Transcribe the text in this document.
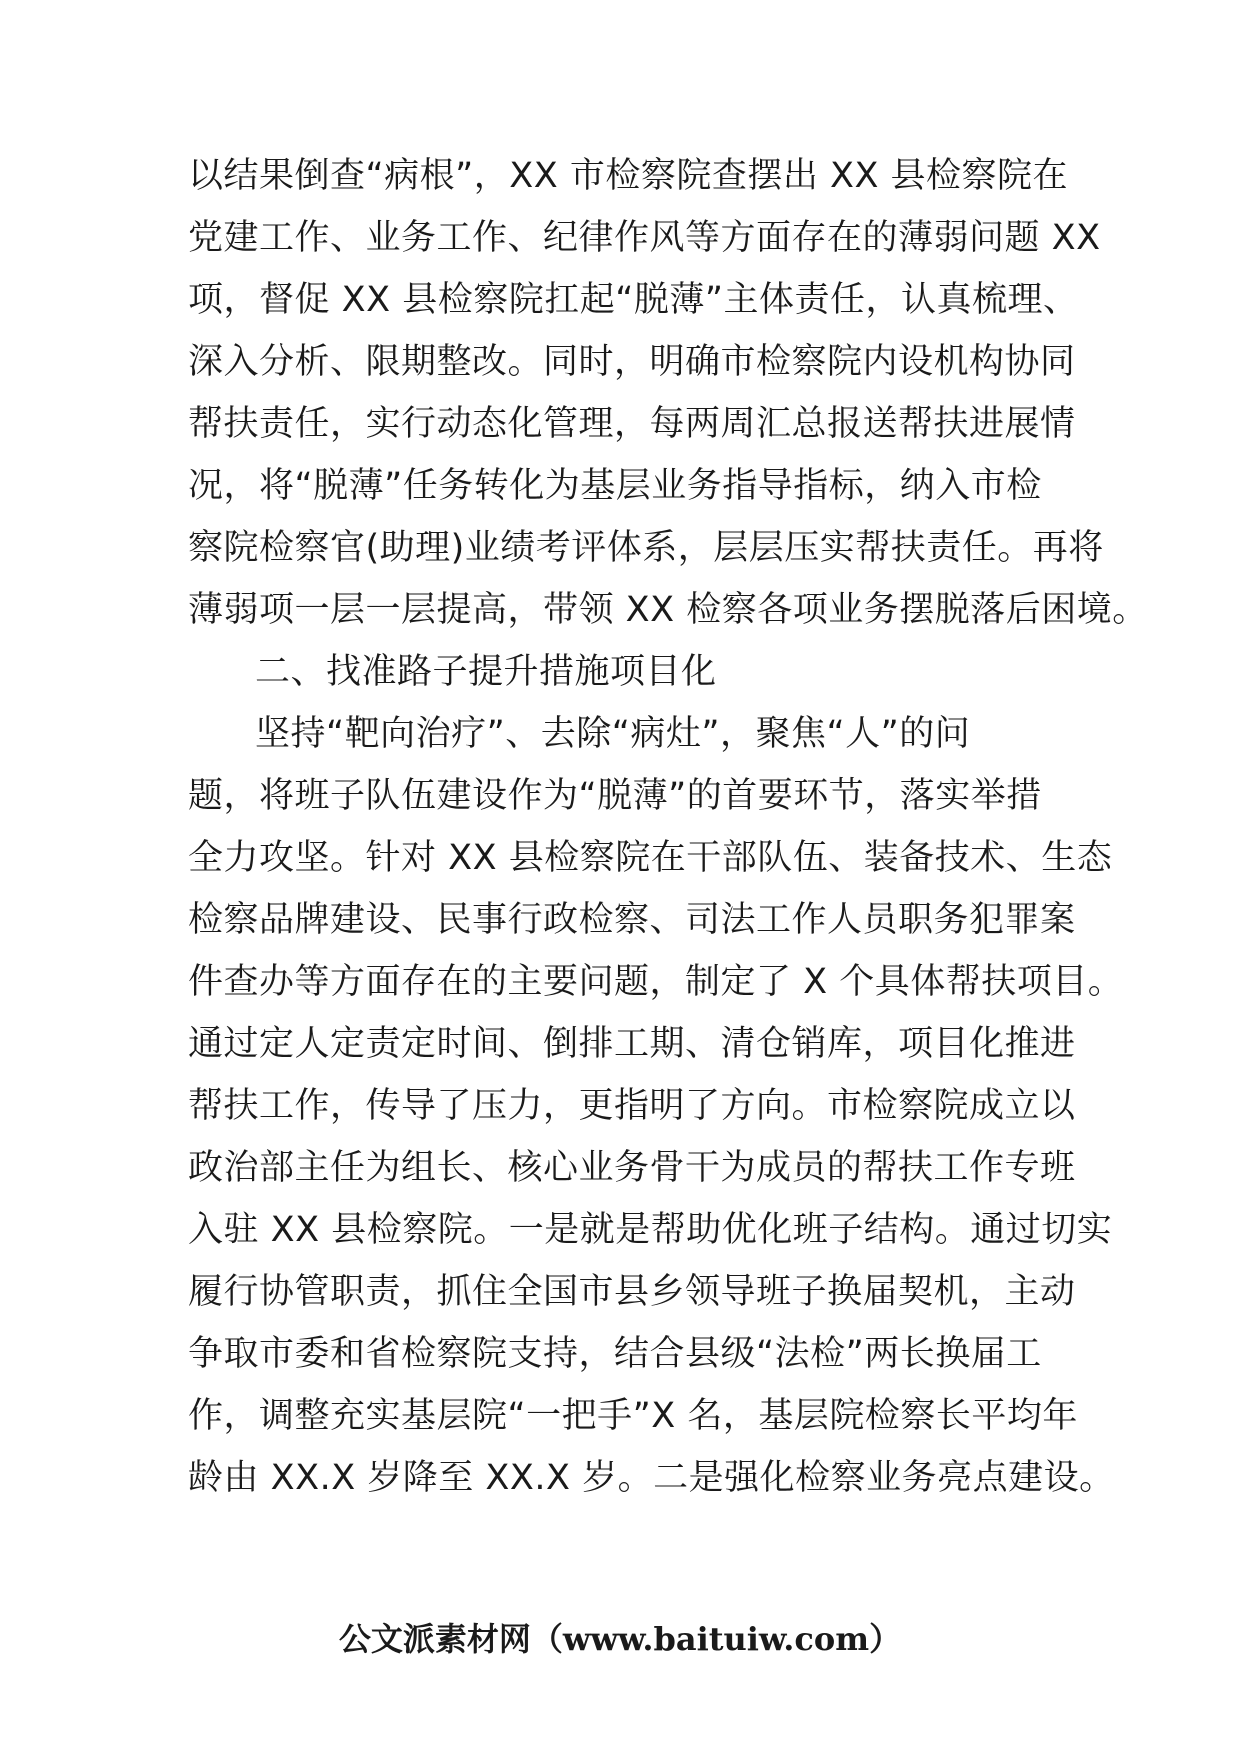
以结果倒查“病根”，XX 市检察院查摆出 XX 县检察院在
党建工作、业务工作、纪律作风等方面存在的薄弱问题 XX
项，督促 XX 县检察院扛起“脱薄”主体责任，认真梳理、
深入分析、限期整改。同时，明确市检察院内设机构协同
帮扶责任，实行动态化管理，每两周汇总报送帮扶进展情
况，将“脱薄”任务转化为基层业务指导指标，纳入市检
察院检察官(助理)业绩考评体系，层层压实帮扶责任。再将
薄弱项一层一层提高，带领 XX 检察各项业务摆脱落后困境。
二、找准路子提升措施项目化
坚持“靶向治疗”、去除“病灶”，聚焦“人”的问
题，将班子队伍建设作为“脱薄”的首要环节，落实举措
全力攻坚。针对 XX 县检察院在干部队伍、装备技术、生态
检察品牌建设、民事行政检察、司法工作人员职务犯罪案
件查办等方面存在的主要问题，制定了 X 个具体帮扶项目。
通过定人定责定时间、倒排工期、清仓销库，项目化推进
帮扶工作，传导了压力，更指明了方向。市检察院成立以
政治部主任为组长、核心业务骨干为成员的帮扶工作专班
入驻 XX 县检察院。一是就是帮助优化班子结构。通过切实
履行协管职责，抓住全国市县乡领导班子换届契机，主动
争取市委和省检察院支持，结合县级“法检”两长换届工
作，调整充实基层院“一把手”X 名，基层院检察长平均年
龄由 XX.X 岁降至 XX.X 岁。二是强化检察业务亮点建设。
公文派素材网（www.baituiw.com）
